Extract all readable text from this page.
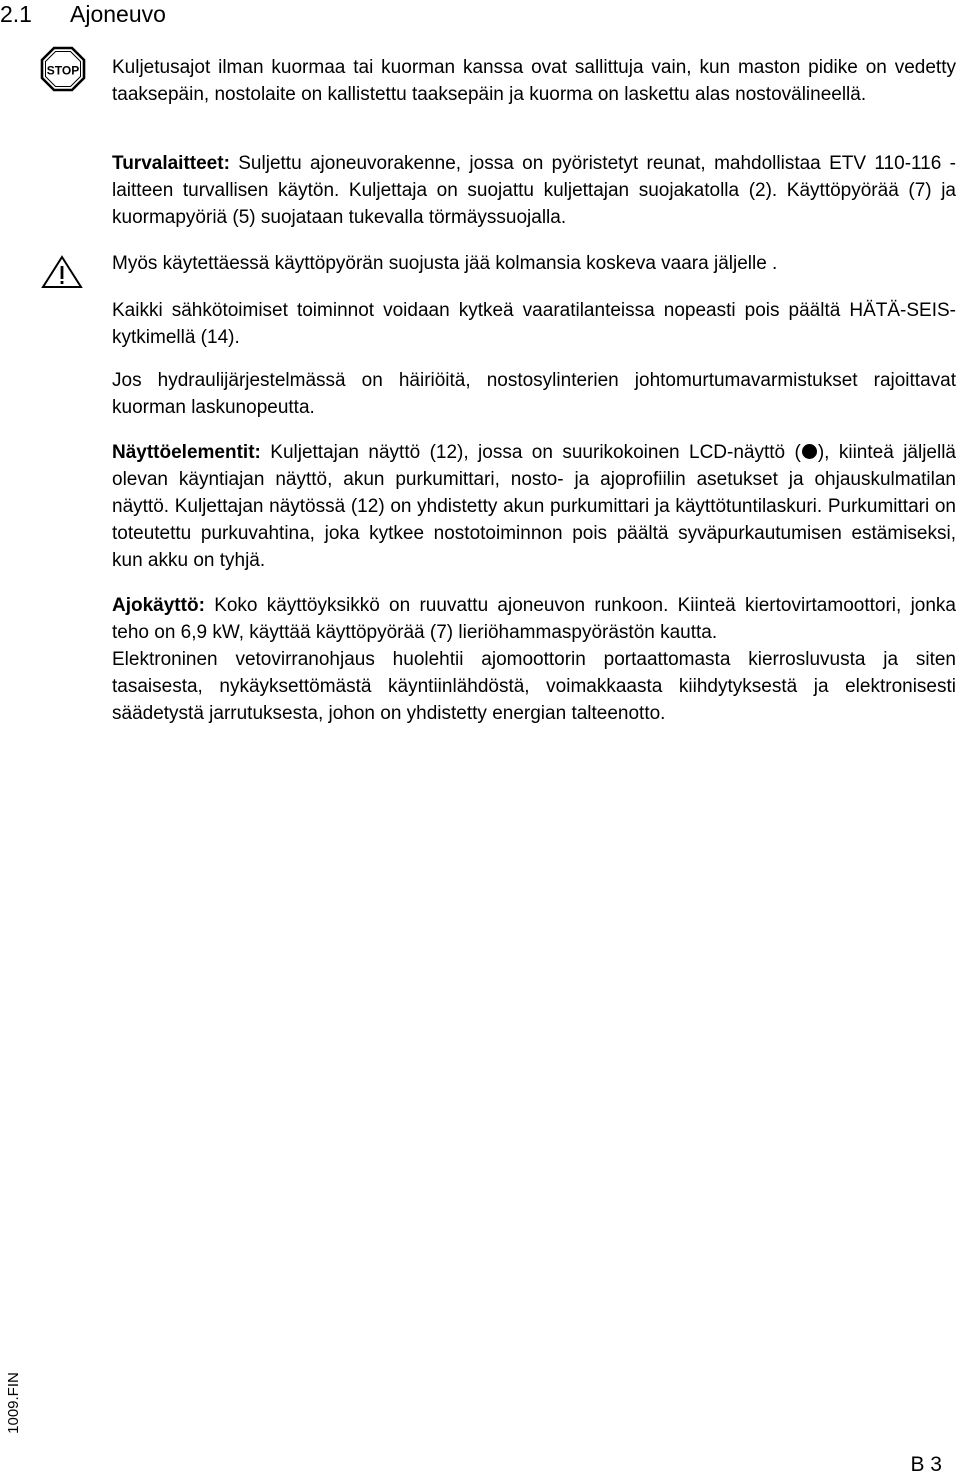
2.1 Ajoneuvo
STOP Kuljetusajot ilman kuormaa tai kuorman kanssa ovat sallittuja vain, kun maston pidike on vedetty taaksepäin, nostolaite on kallistettu taaksepäin ja kuorma on laskettu alas nostovälineellä.

Turvalaitteet: Suljettu ajoneuvorakenne, jossa on pyöristetyt reunat, mahdollistaa ETV 110-116 -laitteen turvallisen käytön. Kuljettaja on suojattu kuljettajan suojakatolla (2). Käyttöpyörää (7) ja kuormapyöriä (5) suojataan tukevalla törmäyssuojalla.

Myös käytettäessä käyttöpyörän suojusta jää kolmansia koskeva vaara jäljelle .

Kaikki sähkötoimiset toiminnot voidaan kytkeä vaaratilanteissa nopeasti pois päältä HÄTÄ-SEIS-kytkimellä (14).

Jos hydraulijärjestelmässä on häiriöitä, nostosylinterien johtomurtumavarmistukset rajoittavat kuorman laskunopeutta.

Näyttöelementit: Kuljettajan näyttö (12), jossa on suurikokoinen LCD-näyttö ( ), kiinteä jäljellä olevan käyntiajan näyttö, akun purkumittari, nosto- ja ajoprofiilin asetukset ja ohjauskulmatilan näyttö. Kuljettajan näytössä (12) on yhdistetty akun purkumittari ja käyttötuntilaskuri. Purkumittari on toteutettu purkuvahtina, joka kytkee nostotoiminnon pois päältä syväpurkautumisen estämiseksi, kun akku on tyhjä.

Ajokäyttö: Koko käyttöyksikkö on ruuvattu ajoneuvon runkoon. Kiinteä kiertovirtamoottori, jonka teho on 6,9 kW, käyttää käyttöpyörää (7) lieriöhammaspyörästön kautta.

Elektroninen vetovirranohjaus huolehtii ajomoottorin portaattomasta kierrosluvusta ja siten tasaisesta, nykäyksettömästä käyntiinlähdöstä, voimakkaasta kiihdytyksestä ja elektronisesti säädetystä jarrutuksesta, johon on yhdistetty energian talteenotto.

1009.FIN
B 3
